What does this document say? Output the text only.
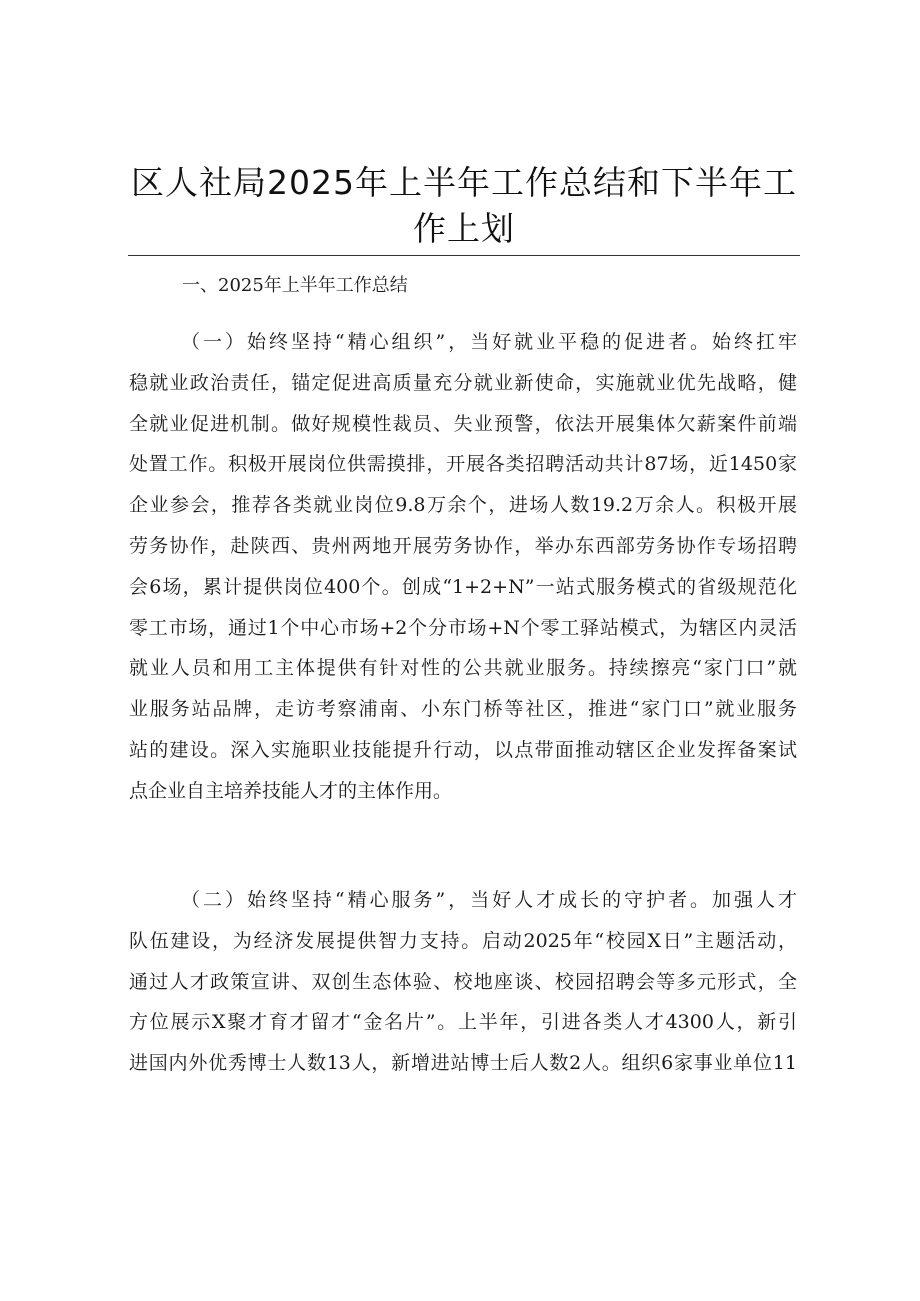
区人社局2025年上半年工作总结和下半年工
作上划
一、2025年上半年工作总结
（一）始终坚持“精心组织”，当好就业平稳的促进者。始终扛牢
稳就业政治责任，锚定促进高质量充分就业新使命，实施就业优先战略，健
全就业促进机制。做好规模性裁员、失业预警，依法开展集体欠薪案件前端
处置工作。积极开展岗位供需摸排，开展各类招聘活动共计87场，近1450家
企业参会，推荐各类就业岗位9.8万余个，进场人数19.2万余人。积极开展
劳务协作，赴陕西、贵州两地开展劳务协作，举办东西部劳务协作专场招聘
会6场，累计提供岗位400个。创成“1+2+N”一站式服务模式的省级规范化
零工市场，通过1个中心市场+2个分市场+N个零工驿站模式，为辖区内灵活
就业人员和用工主体提供有针对性的公共就业服务。持续擦亮“家门口”就
业服务站品牌，走访考察浦南、小东门桥等社区，推进“家门口”就业服务
站的建设。深入实施职业技能提升行动，以点带面推动辖区企业发挥备案试
点企业自主培养技能人才的主体作用。
（二）始终坚持“精心服务”，当好人才成长的守护者。加强人才
队伍建设，为经济发展提供智力支持。启动2025年“校园X日”主题活动，
通过人才政策宣讲、双创生态体验、校地座谈、校园招聘会等多元形式，全
方位展示X聚才育才留才“金名片”。上半年，引进各类人才4300人，新引
进国内外优秀博士人数13人，新增进站博士后人数2人。组织6家事业单位11
